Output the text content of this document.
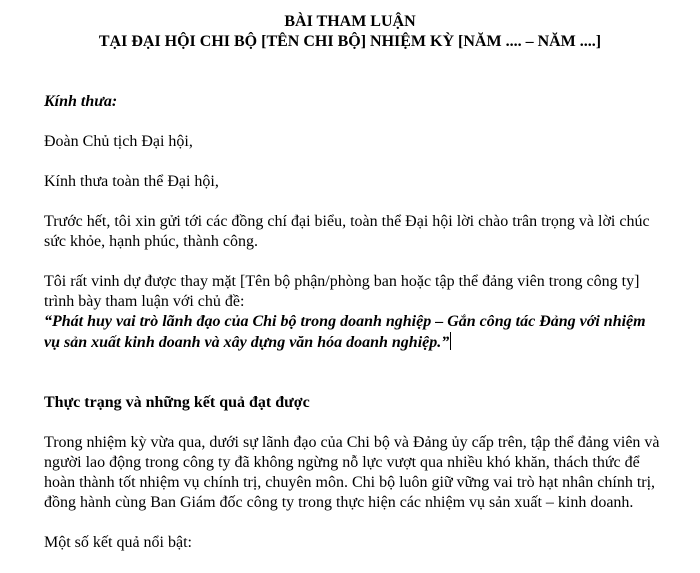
BÀI THAM LUẬN
TẠI ĐẠI HỘI CHI BỘ [TÊN CHI BỘ] NHIỆM KỲ [NĂM .... – NĂM ....]

Kính thưa:

Đoàn Chủ tịch Đại hội,

Kính thưa toàn thể Đại hội,

Trước hết, tôi xin gửi tới các đồng chí đại biểu, toàn thể Đại hội lời chào trân trọng và lời chúc sức khỏe, hạnh phúc, thành công.

Tôi rất vinh dự được thay mặt [Tên bộ phận/phòng ban hoặc tập thể đảng viên trong công ty] trình bày tham luận với chủ đề:

“Phát huy vai trò lãnh đạo của Chi bộ trong doanh nghiệp – Gắn công tác Đảng với nhiệm vụ sản xuất kinh doanh và xây dựng văn hóa doanh nghiệp.”

Thực trạng và những kết quả đạt được

Trong nhiệm kỳ vừa qua, dưới sự lãnh đạo của Chi bộ và Đảng ủy cấp trên, tập thể đảng viên và người lao động trong công ty đã không ngừng nỗ lực vượt qua nhiều khó khăn, thách thức để hoàn thành tốt nhiệm vụ chính trị, chuyên môn. Chi bộ luôn giữ vững vai trò hạt nhân chính trị, đồng hành cùng Ban Giám đốc công ty trong thực hiện các nhiệm vụ sản xuất – kinh doanh.

Một số kết quả nổi bật:
